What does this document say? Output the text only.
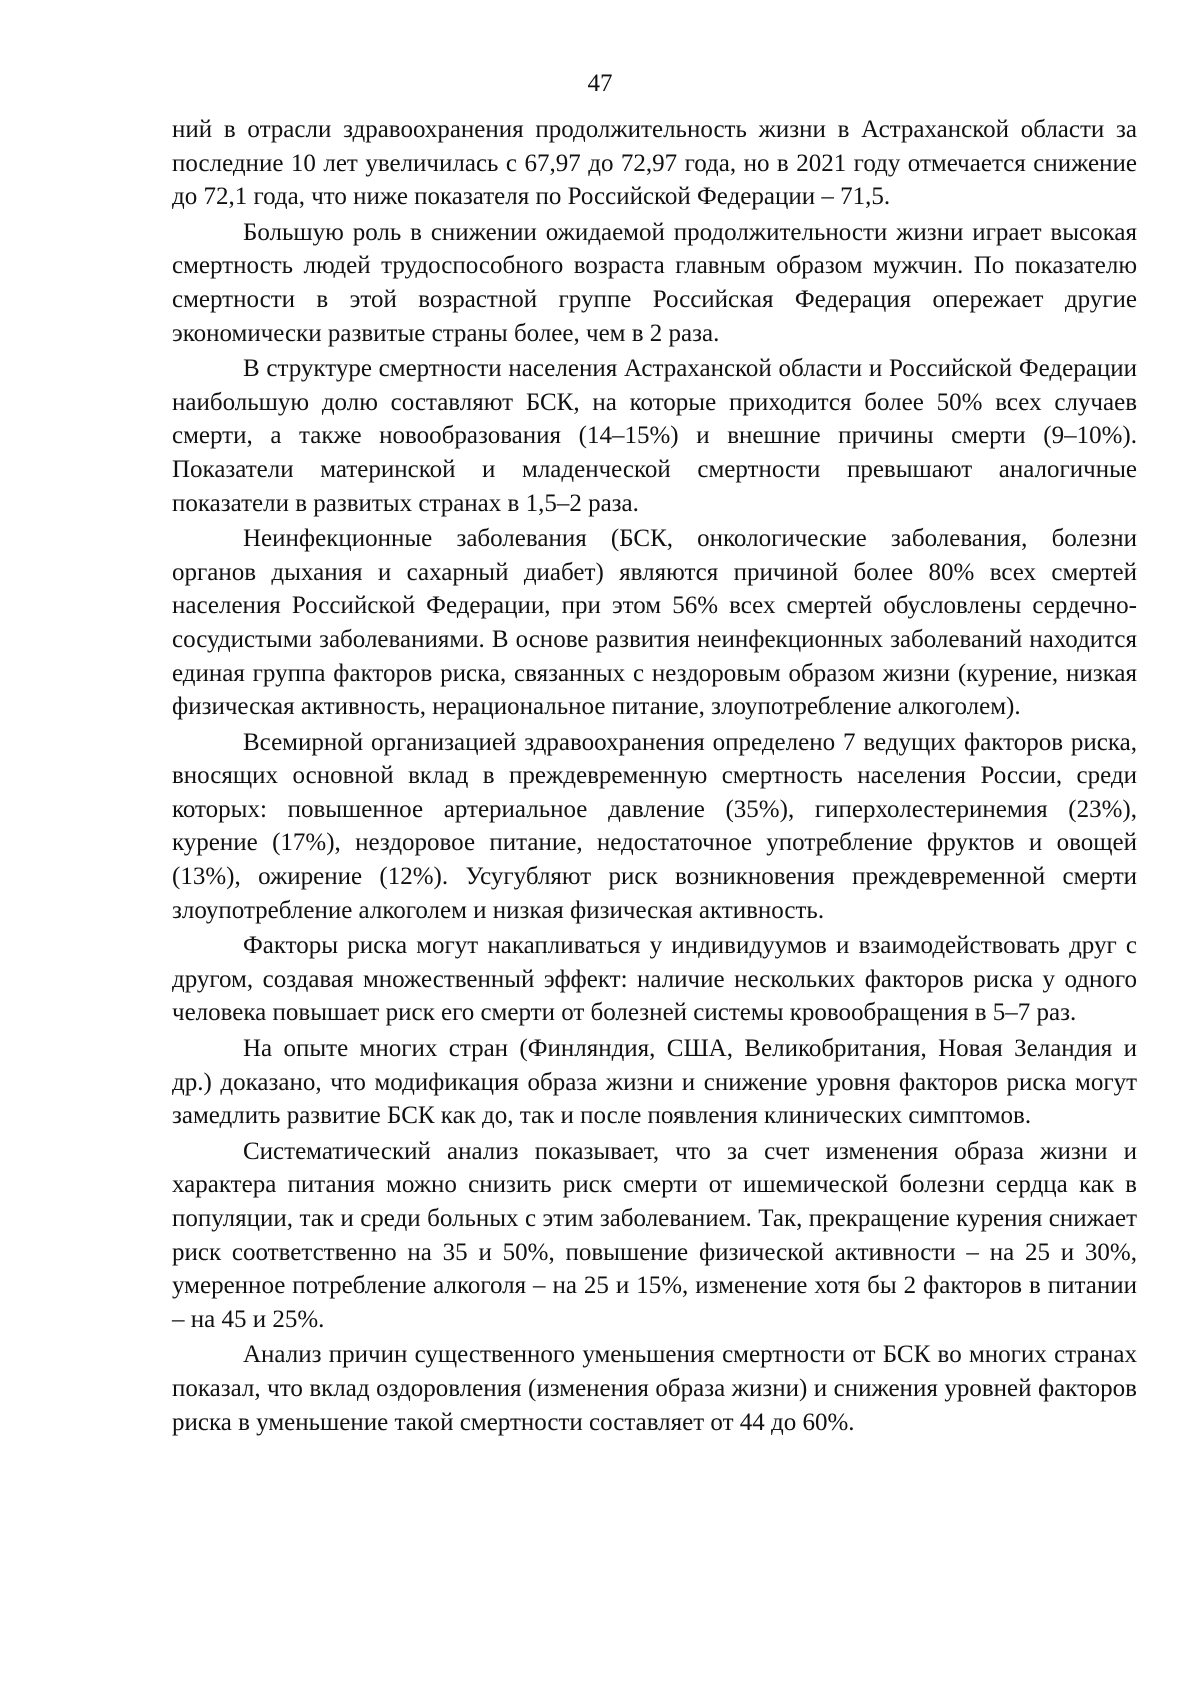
47

ний в отрасли здравоохранения продолжительность жизни в Астраханской области за последние 10 лет увеличилась с 67,97 до 72,97 года, но в 2021 году отмечается снижение до 72,1 года, что ниже показателя по Российской Федерации – 71,5.

Большую роль в снижении ожидаемой продолжительности жизни играет высокая смертность людей трудоспособного возраста главным образом мужчин. По показателю смертности в этой возрастной группе Российская Федерация опережает другие экономически развитые страны более, чем в 2 раза.

В структуре смертности населения Астраханской области и Российской Федерации наибольшую долю составляют БСК, на которые приходится более 50% всех случаев смерти, а также новообразования (14–15%) и внешние причины смерти (9–10%). Показатели материнской и младенческой смертности превышают аналогичные показатели в развитых странах в 1,5–2 раза.

Неинфекционные заболевания (БСК, онкологические заболевания, болезни органов дыхания и сахарный диабет) являются причиной более 80% всех смертей населения Российской Федерации, при этом 56% всех смертей обусловлены сердечно-сосудистыми заболеваниями. В основе развития неинфекционных заболеваний находится единая группа факторов риска, связанных с нездоровым образом жизни (курение, низкая физическая активность, нерациональное питание, злоупотребление алкоголем).

Всемирной организацией здравоохранения определено 7 ведущих факторов риска, вносящих основной вклад в преждевременную смертность населения России, среди которых: повышенное артериальное давление (35%), гиперхолестеринемия (23%), курение (17%), нездоровое питание, недостаточное употребление фруктов и овощей (13%), ожирение (12%). Усугубляют риск возникновения преждевременной смерти злоупотребление алкоголем и низкая физическая активность.

Факторы риска могут накапливаться у индивидуумов и взаимодействовать друг с другом, создавая множественный эффект: наличие нескольких факторов риска у одного человека повышает риск его смерти от болезней системы кровообращения в 5–7 раз.

На опыте многих стран (Финляндия, США, Великобритания, Новая Зеландия и др.) доказано, что модификация образа жизни и снижение уровня факторов риска могут замедлить развитие БСК как до, так и после появления клинических симптомов.

Систематический анализ показывает, что за счет изменения образа жизни и характера питания можно снизить риск смерти от ишемической болезни сердца как в популяции, так и среди больных с этим заболеванием. Так, прекращение курения снижает риск соответственно на 35 и 50%, повышение физической активности – на 25 и 30%, умеренное потребление алкоголя – на 25 и 15%, изменение хотя бы 2 факторов в питании – на 45 и 25%.

Анализ причин существенного уменьшения смертности от БСК во многих странах показал, что вклад оздоровления (изменения образа жизни) и снижения уровней факторов риска в уменьшение такой смертности составляет от 44 до 60%.
